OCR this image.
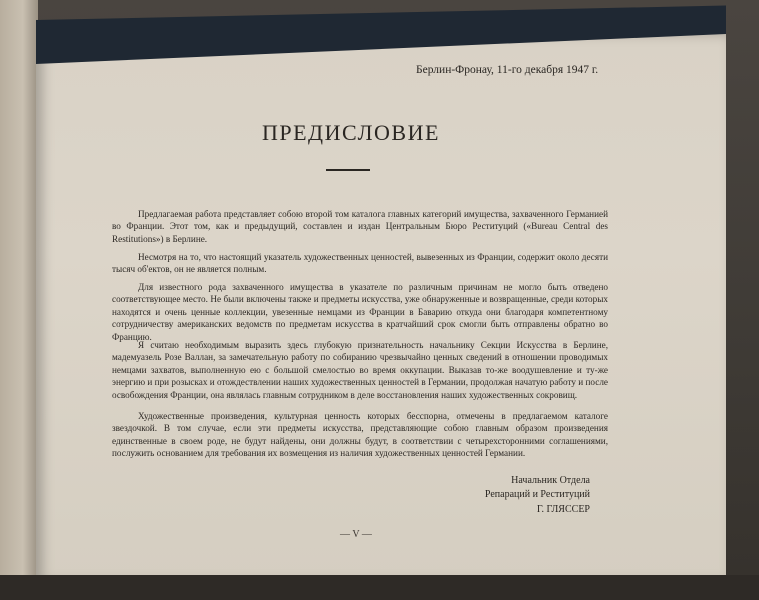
Берлин-Фронау, 11-го декабря 1947 г.
ПРЕДИСЛОВИЕ
Предлагаемая работа представляет собою второй том каталога главных категорий имущества, захваченного Германией во Франции. Этот том, как и предыдущий, составлен и издан Центральным Бюро Реституций («Bureau Central des Restitutions») в Берлине.
Несмотря на то, что настоящий указатель художественных ценностей, вывезенных из Франции, содержит около десяти тысяч об'ектов, он не является полным.
Для известного рода захваченного имущества в указателе по различным причинам не могло быть отведено соответствующее место. Не были включены также и предметы искусства, уже обнаруженные и возвращенные, среди которых находятся и очень ценные коллекции, увезенные немцами из Франции в Баварию откуда они благодаря компетентному сотрудничеству американских ведомств по предметам искусства в кратчайший срок смогли быть отправлены обратно во Францию.
Я считаю необходимым выразить здесь глубокую признательность начальнику Секции Искусства в Берлине, мадемуазель Розе Валлан, за замечательную работу по собиранию чрезвычайно ценных сведений в отношении проводимых немцами захватов, выполненную ею с большой смелостью во время оккупации. Выказав то-же воодушевление и ту-же энергию и при розысках и отождествлении наших художественных ценностей в Германии, продолжая начатую работу и после освобождения Франции, она являлась главным сотрудником в деле восстановления наших художественных сокровищ.
Художественные произведения, культурная ценность которых бесспорна, отмечены в предлагаемом каталоге звездочкой. В том случае, если эти предметы искусства, представляющие собою главным образом произведения единственные в своем роде, не будут найдены, они должны будут, в соответствии с четырехсторонними соглашениями, послужить основанием для требования их возмещения из наличия художественных ценностей Германии.
Начальник Отдела
Репараций и Реституций
Г. ГЛЯССЕР
— V —
